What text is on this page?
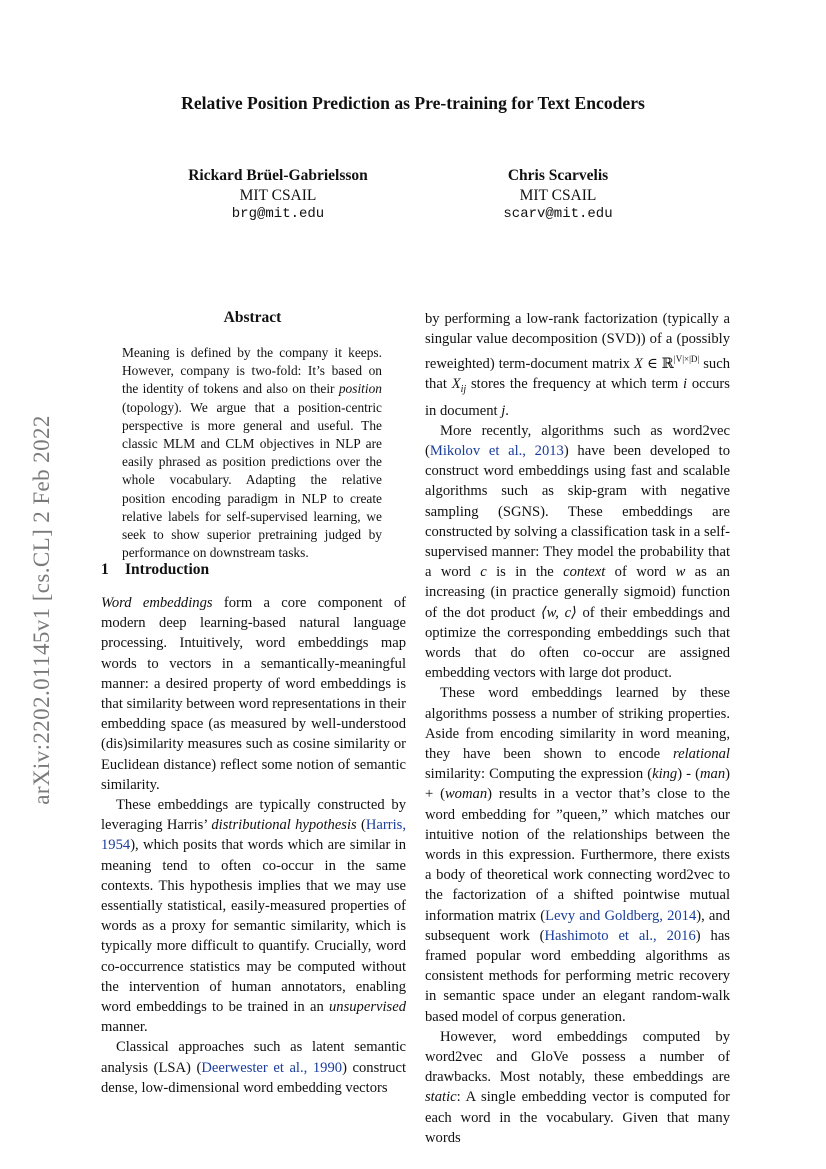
arXiv:2202.01145v1 [cs.CL] 2 Feb 2022
Relative Position Prediction as Pre-training for Text Encoders
Rickard Brüel-Gabrielsson
MIT CSAIL
brg@mit.edu
Chris Scarvelis
MIT CSAIL
scarv@mit.edu
Abstract
Meaning is defined by the company it keeps. However, company is two-fold: It’s based on the identity of tokens and also on their position (topology). We argue that a position-centric perspective is more general and useful. The classic MLM and CLM objectives in NLP are easily phrased as position predictions over the whole vocabulary. Adapting the relative position encoding paradigm in NLP to create relative labels for self-supervised learning, we seek to show superior pretraining judged by performance on downstream tasks.
1 Introduction

Word embeddings form a core component of modern deep learning-based natural language processing. Intuitively, word embeddings map words to vectors in a semantically-meaningful manner: a desired property of word embeddings is that similarity between word representations in their embedding space (as measured by well-understood (dis)similarity measures such as cosine similarity or Euclidean distance) reflect some notion of semantic similarity.

These embeddings are typically constructed by leveraging Harris’ distributional hypothesis (Harris, 1954), which posits that words which are similar in meaning tend to often co-occur in the same contexts. This hypothesis implies that we may use essentially statistical, easily-measured properties of words as a proxy for semantic similarity, which is typically more difficult to quantify. Crucially, word co-occurrence statistics may be computed without the intervention of human annotators, enabling word embeddings to be trained in an unsupervised manner.

Classical approaches such as latent semantic analysis (LSA) (Deerwester et al., 1990) construct dense, low-dimensional word embedding vectors

by performing a low-rank factorization (typically a singular value decomposition (SVD)) of a (possibly reweighted) term-document matrix X ∈ ℝ$^{|V|\times|D|}$ such that $X_{ij}$ stores the frequency at which term i occurs in document j.

More recently, algorithms such as word2vec (Mikolov et al., 2013) have been developed to construct word embeddings using fast and scalable algorithms such as skip-gram with negative sampling (SGNS). These embeddings are constructed by solving a classification task in a self-supervised manner: They model the probability that a word c is in the context of word w as an increasing (in practice generally sigmoid) function of the dot product ⟨w, c⟩ of their embeddings and optimize the corresponding embeddings such that words that do often co-occur are assigned embedding vectors with large dot product.

These word embeddings learned by these algorithms possess a number of striking properties. Aside from encoding similarity in word meaning, they have been shown to encode relational similarity: Computing the expression (king) - (man) + (woman) results in a vector that’s close to the word embedding for ”queen,” which matches our intuitive notion of the relationships between the words in this expression. Furthermore, there exists a body of theoretical work connecting word2vec to the factorization of a shifted pointwise mutual information matrix (Levy and Goldberg, 2014), and subsequent work (Hashimoto et al., 2016) has framed popular word embedding algorithms as consistent methods for performing metric recovery in semantic space under an elegant random-walk based model of corpus generation.

However, word embeddings computed by word2vec and GloVe possess a number of drawbacks. Most notably, these embeddings are static: A single embedding vector is computed for each word in the vocabulary. Given that many words
